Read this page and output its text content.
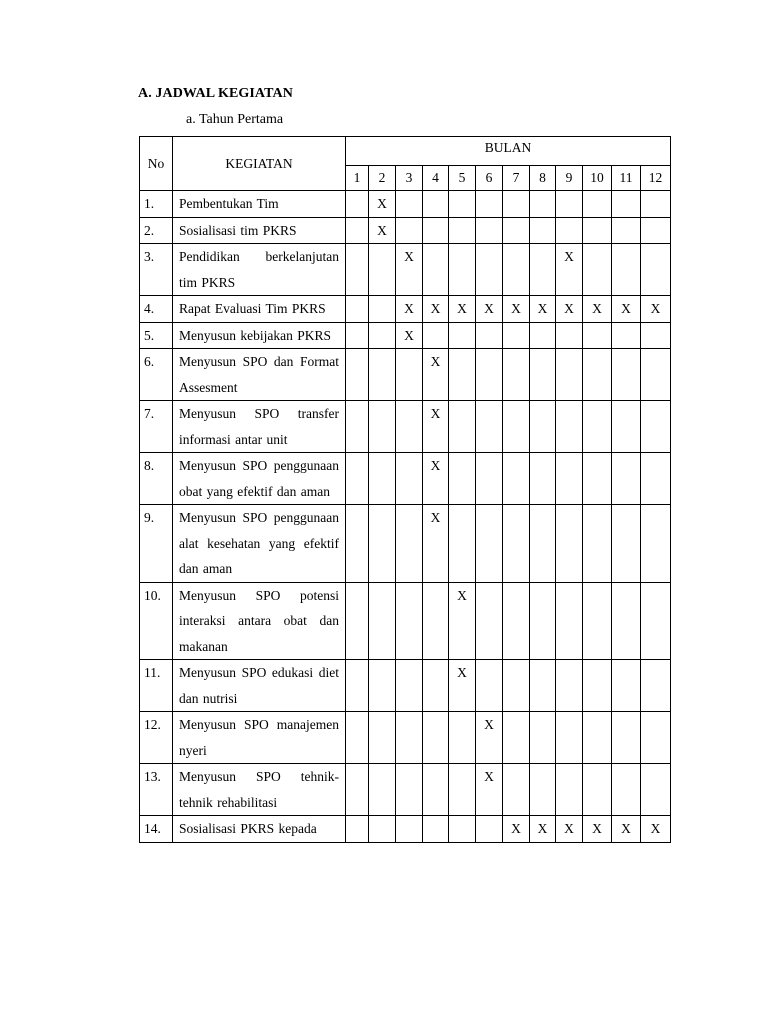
A. JADWAL KEGIATAN

a. Tahun Pertama

No	KEGIATAN	BULAN											
		1	2	3	4	5	6	7	8	9	10	11	12
1.	Pembentukan Tim		X										
2.	Sosialisasi tim PKRS		X										
3.	Pendidikan berkelanjutan tim PKRS			X						X			
4.	Rapat Evaluasi Tim PKRS			X	X	X	X	X	X	X	X	X	X
5.	Menyusun kebijakan PKRS			X									
6.	Menyusun SPO dan Format Assesment				X								
7.	Menyusun SPO transfer informasi antar unit				X								
8.	Menyusun SPO penggunaan obat yang efektif dan aman				X								
9.	Menyusun SPO penggunaan alat kesehatan yang efektif dan aman				X								
10.	Menyusun SPO potensi interaksi antara obat dan makanan					X							
11.	Menyusun SPO edukasi diet dan nutrisi					X							
12.	Menyusun SPO manajemen nyeri						X						
13.	Menyusun SPO tehnik-tehnik rehabilitasi						X						
14.	Sosialisasi PKRS kepada							X	X	X	X	X	X
